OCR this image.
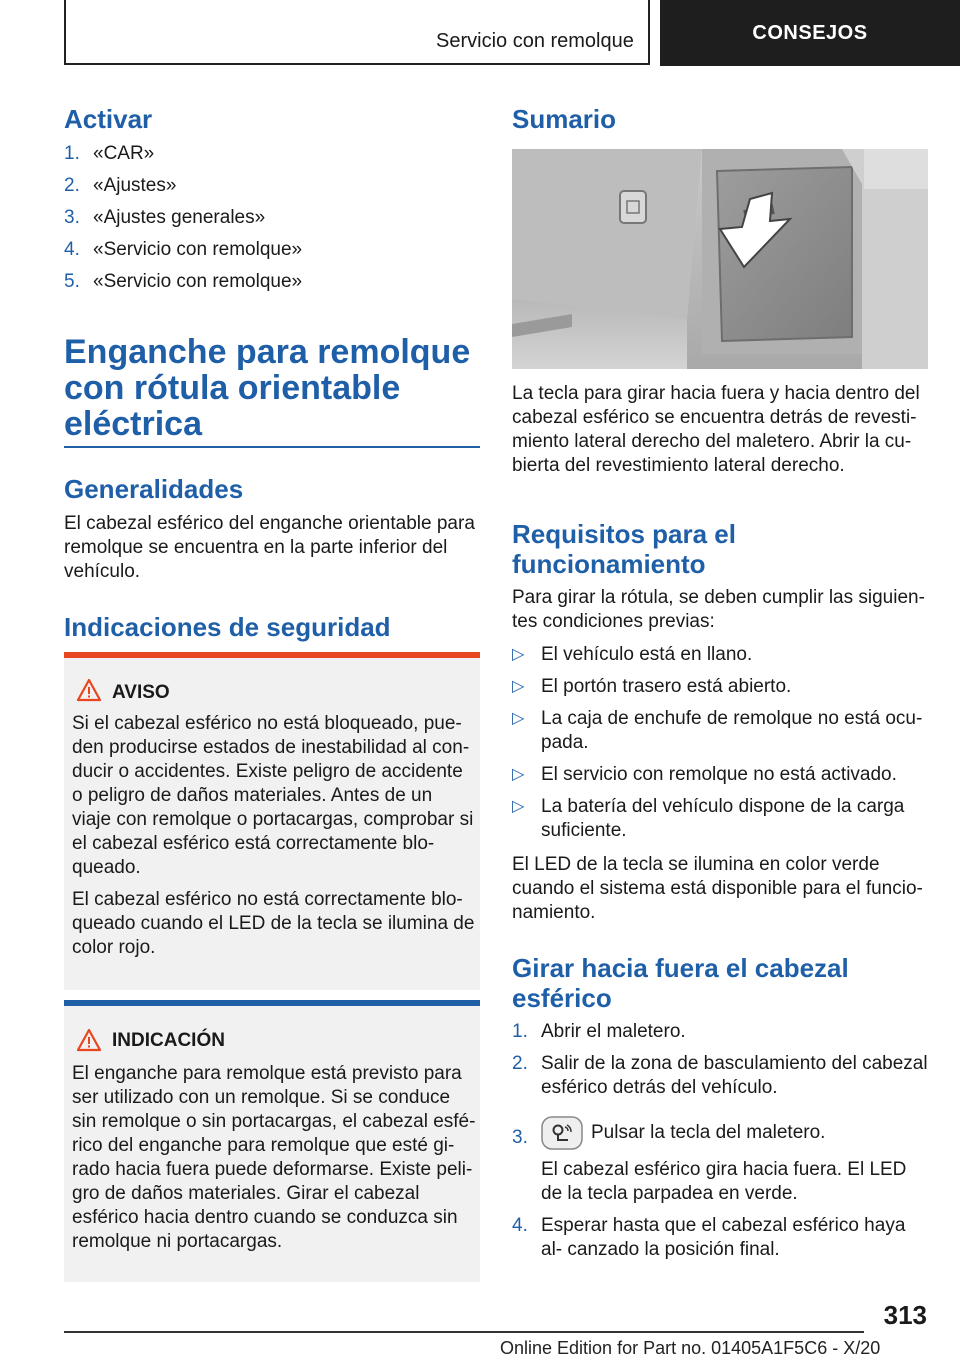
Servicio con remolque	CONSEJOS
Activar
1. «CAR»
2. «Ajustes»
3. «Ajustes generales»
4. «Servicio con remolque»
5. «Servicio con remolque»
Enganche para remolque
con rótula orientable
eléctrica
Generalidades
El cabezal esférico del enganche orientable para remolque se encuentra en la parte inferior del vehículo.
Indicaciones de seguridad
AVISO

Si el cabezal esférico no está bloqueado, pue- den producirse estados de inestabilidad al con- ducir o accidentes. Existe peligro de accidente o peligro de daños materiales. Antes de un viaje con remolque o portacargas, comprobar si el cabezal esférico está correctamente blo- queado.

El cabezal esférico no está correctamente blo- queado cuando el LED de la tecla se ilumina de color rojo.

INDICACIÓN

El enganche para remolque está previsto para ser utilizado con un remolque. Si se conduce sin remolque o sin portacargas, el cabezal esfé- rico del enganche para remolque que esté gi- rado hacia fuera puede deformarse. Existe peli- gro de daños materiales. Girar el cabezal esférico hacia dentro cuando se conduzca sin remolque ni portacargas.

Sumario
La tecla para girar hacia fuera y hacia dentro del cabezal esférico se encuentra detrás de revesti- miento lateral derecho del maletero. Abrir la cu- bierta del revestimiento lateral derecho.
Requisitos para el
funcionamiento
Para girar la rótula, se deben cumplir las siguien- tes condiciones previas:
▷ El vehículo está en llano.
▷ El portón trasero está abierto.
▷ La caja de enchufe de remolque no está ocu- pada.
▷ El servicio con remolque no está activado.
▷ La batería del vehículo dispone de la carga suficiente.
El LED de la tecla se ilumina en color verde cuando el sistema está disponible para el funcio- namiento.
Girar hacia fuera el cabezal
esférico
1. Abrir el maletero.
2. Salir de la zona de basculamiento del cabezal esférico detrás del vehículo.
3.	Pulsar la tecla del maletero.
El cabezal esférico gira hacia fuera. El LED de la tecla parpadea en verde.
4. Esperar hasta que el cabezal esférico haya al- canzado la posición final.
313
Online Edition for Part no. 01405A1F5C6 - X/20
